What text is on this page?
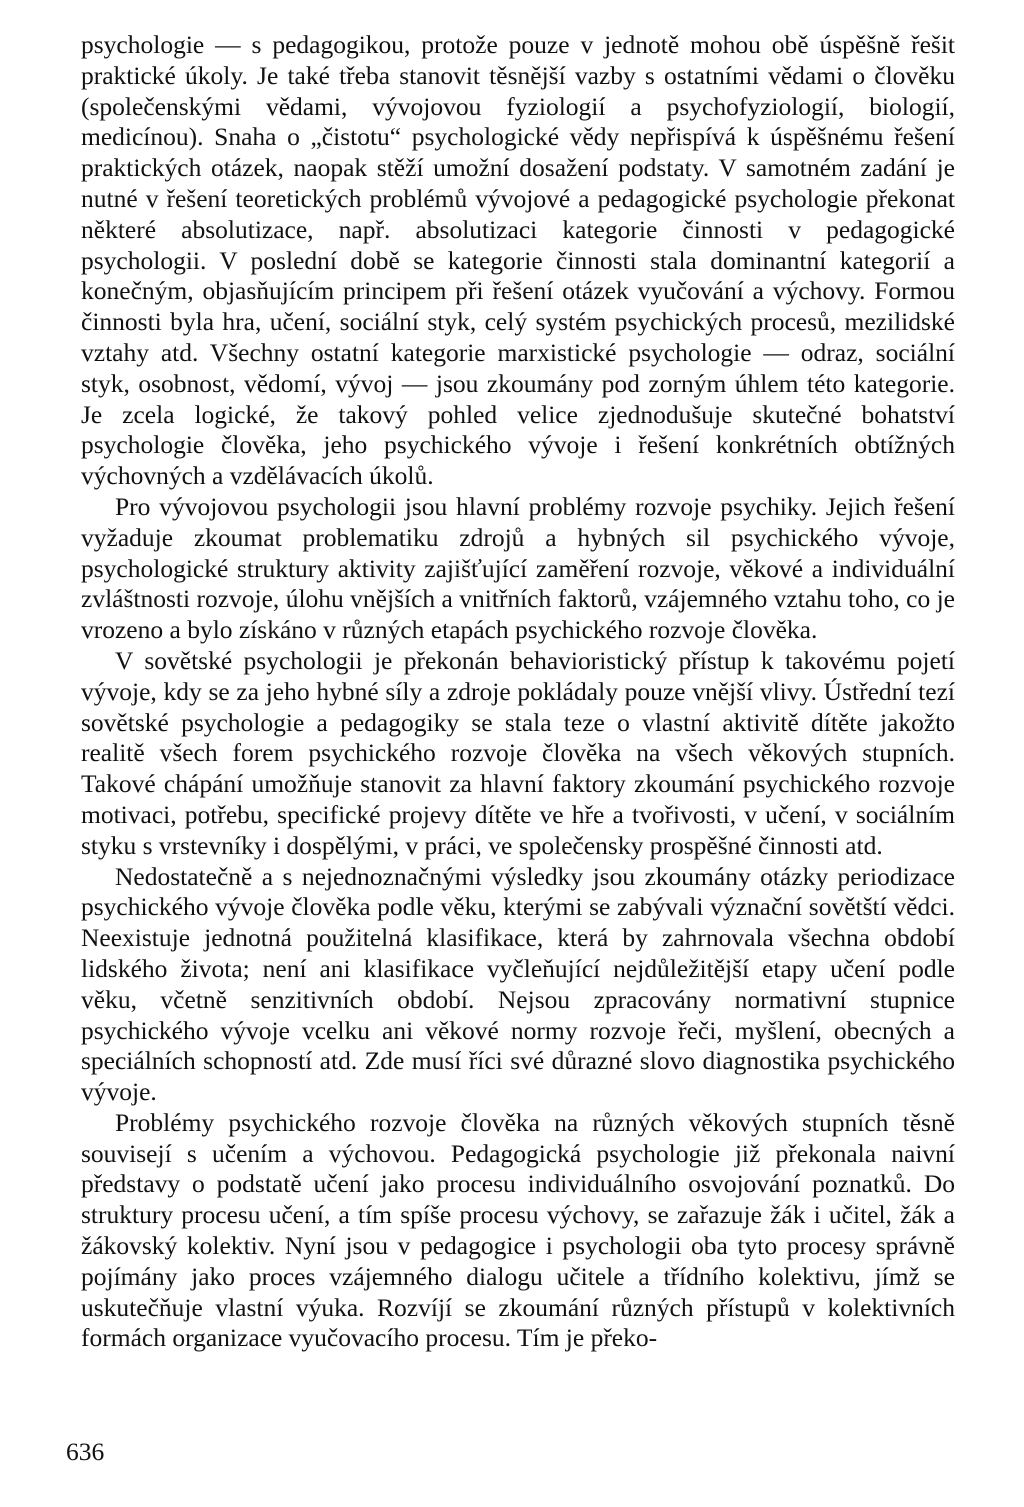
psychologie — s pedagogikou, protože pouze v jednotě mohou obě úspěšně řešit praktické úkoly. Je také třeba stanovit těsnější vazby s ostatními vědami o člověku (společenskými vědami, vývojovou fyziologií a psychofyziologií, biologií, medicínou). Snaha o „čistotu“ psychologické vědy nepřispívá k úspěšnému řešení praktických otázek, naopak stěží umožní dosažení podstaty. V samotném zadání je nutné v řešení teoretických problémů vývojové a pedagogické psychologie překonat některé absolutizace, např. absolutizaci kategorie činnosti v pedagogické psychologii. V poslední době se kategorie činnosti stala dominantní kategorií a konečným, objasňujícím principem při řešení otázek vyučování a výchovy. Formou činnosti byla hra, učení, sociální styk, celý systém psychických procesů, mezilidské vztahy atd. Všechny ostatní kategorie marxistické psychologie — odraz, sociální styk, osobnost, vědomí, vývoj — jsou zkoumány pod zorným úhlem této kategorie. Je zcela logické, že takový pohled velice zjednodušuje skutečné bohatství psychologie člověka, jeho psychického vývoje i řešení konkrétních obtížných výchovných a vzdělávacích úkolů.

Pro vývojovou psychologii jsou hlavní problémy rozvoje psychiky. Jejich řešení vyžaduje zkoumat problematiku zdrojů a hybných sil psychického vývoje, psychologické struktury aktivity zajišťující zaměření rozvoje, věkové a individuální zvláštnosti rozvoje, úlohu vnějších a vnitřních faktorů, vzájemného vztahu toho, co je vrozeno a bylo získáno v různých etapách psychického rozvoje člověka.

V sovětské psychologii je překonán behavioristický přístup k takovému pojetí vývoje, kdy se za jeho hybné síly a zdroje pokládaly pouze vnější vlivy. Ústřední tezí sovětské psychologie a pedagogiky se stala teze o vlastní aktivitě dítěte jakožto realitě všech forem psychického rozvoje člověka na všech věkových stupních. Takové chápání umožňuje stanovit za hlavní faktory zkoumání psychického rozvoje motivaci, potřebu, specifické projevy dítěte ve hře a tvořivosti, v učení, v sociálním styku s vrstevníky i dospělými, v práci, ve společensky prospěšné činnosti atd.

Nedostatečně a s nejednoznačnými výsledky jsou zkoumány otázky periodizace psychického vývoje člověka podle věku, kterými se zabývali význační sovětští vědci. Neexistuje jednotná použitelná klasifikace, která by zahrnovala všechna období lidského života; není ani klasifikace vyčleňující nejdůležitější etapy učení podle věku, včetně senzitivních období. Nejsou zpracovány normativní stupnice psychického vývoje vcelku ani věkové normy rozvoje řeči, myšlení, obecných a speciálních schopností atd. Zde musí říci své důrazné slovo diagnostika psychického vývoje.

Problémy psychického rozvoje člověka na různých věkových stupních těsně souvisejí s učením a výchovou. Pedagogická psychologie již překonala naivní představy o podstatě učení jako procesu individuálního osvojování poznatků. Do struktury procesu učení, a tím spíše procesu výchovy, se zařazuje žák i učitel, žák a žákovský kolektiv. Nyní jsou v pedagogice i psychologii oba tyto procesy správně pojímány jako proces vzájemného dialogu učitele a třídního kolektivu, jímž se uskutečňuje vlastní výuka. Rozvíjí se zkoumání různých přístupů v kolektivních formách organizace vyučovacího procesu. Tím je překo-

636
